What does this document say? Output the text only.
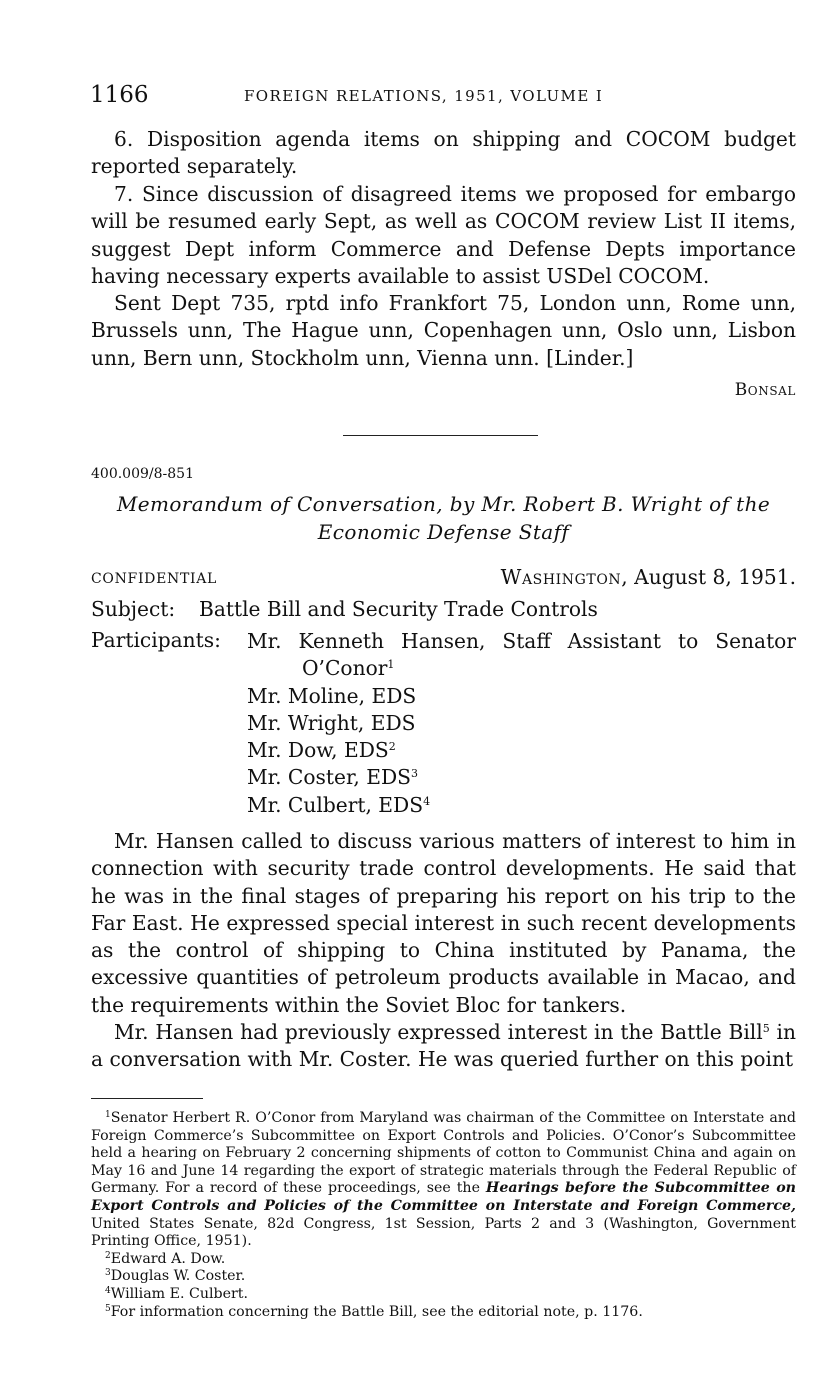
1166	FOREIGN RELATIONS, 1951, VOLUME I

6. Disposition agenda items on shipping and COCOM budget reported separately.

7. Since discussion of disagreed items we proposed for embargo will be resumed early Sept, as well as COCOM review List II items, suggest Dept inform Commerce and Defense Depts importance having necessary experts available to assist USDel COCOM.

Sent Dept 735, rptd info Frankfort 75, London unn, Rome unn, Brussels unn, The Hague unn, Copenhagen unn, Oslo unn, Lisbon unn, Bern unn, Stockholm unn, Vienna unn. [Linder.]

Bonsal
400.009/8-851
Memorandum of Conversation, by Mr. Robert B. Wright of the
Economic Defense Staff
CONFIDENTIAL	Washington, August 8, 1951.
Subject: Battle Bill and Security Trade Controls
Participants: Mr. Kenneth Hansen, Staff Assistant to Senator
O’Conor$^1$
Mr. Moline, EDS
Mr. Wright, EDS
Mr. Dow, EDS$^2$
Mr. Coster, EDS$^3$
Mr. Culbert, EDS$^4$

Mr. Hansen called to discuss various matters of interest to him in connection with security trade control developments. He said that he was in the final stages of preparing his report on his trip to the Far East. He expressed special interest in such recent developments as the control of shipping to China instituted by Panama, the excessive quantities of petroleum products available in Macao, and the requirements within the Soviet Bloc for tankers.

Mr. Hansen had previously expressed interest in the Battle Bill$^5$ in a conversation with Mr. Coster. He was queried further on this point

$^1$Senator Herbert R. O’Conor from Maryland was chairman of the Committee on Interstate and Foreign Commerce’s Subcommittee on Export Controls and Policies. O’Conor’s Subcommittee held a hearing on February 2 concerning shipments of cotton to Communist China and again on May 16 and June 14 regarding the export of strategic materials through the Federal Republic of Germany. For a record of these proceedings, see the Hearings before the Subcommittee on Export Controls and Policies of the Committee on Interstate and Foreign Commerce, United States Senate, 82d Congress, 1st Session, Parts 2 and 3 (Washington, Government Printing Office, 1951).

$^2$Edward A. Dow.

$^3$Douglas W. Coster.

$^4$William E. Culbert.

$^5$For information concerning the Battle Bill, see the editorial note, p. 1176.
